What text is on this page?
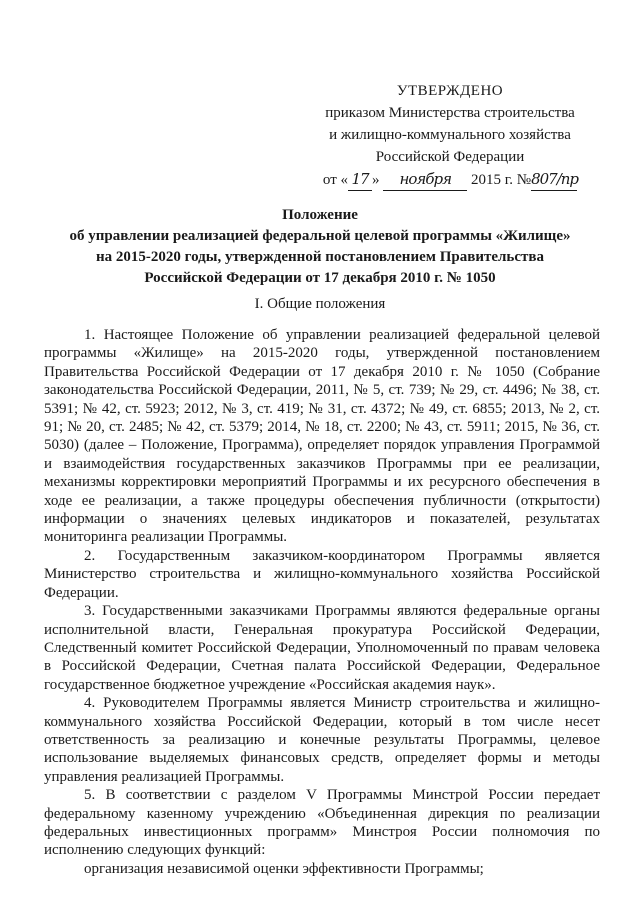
УТВЕРЖДЕНО
приказом Министерства строительства
и жилищно-коммунального хозяйства
Российской Федерации
от « 17 » ноября 2015 г. №807/пр
Положение
об управлении реализацией федеральной целевой программы «Жилище»
на 2015-2020 годы, утвержденной постановлением Правительства
Российской Федерации от 17 декабря 2010 г. № 1050
I. Общие положения

1. Настоящее Положение об управлении реализацией федеральной целевой программы «Жилище» на 2015-2020 годы, утвержденной постановлением Правительства Российской Федерации от 17 декабря 2010 г. № 1050 (Собрание законодательства Российской Федерации, 2011, № 5, ст. 739; № 29, ст. 4496; № 38, ст. 5391; № 42, ст. 5923; 2012, № 3, ст. 419; № 31, ст. 4372; № 49, ст. 6855; 2013, № 2, ст. 91; № 20, ст. 2485; № 42, ст. 5379; 2014, № 18, ст. 2200; № 43, ст. 5911; 2015, № 36, ст. 5030) (далее – Положение, Программа), определяет порядок управления Программой и взаимодействия государственных заказчиков Программы при ее реализации, механизмы корректировки мероприятий Программы и их ресурсного обеспечения в ходе ее реализации, а также процедуры обеспечения публичности (открытости) информации о значениях целевых индикаторов и показателей, результатах мониторинга реализации Программы.

2. Государственным заказчиком-координатором Программы является Министерство строительства и жилищно-коммунального хозяйства Российской Федерации.

3. Государственными заказчиками Программы являются федеральные органы исполнительной власти, Генеральная прокуратура Российской Федерации, Следственный комитет Российской Федерации, Уполномоченный по правам человека в Российской Федерации, Счетная палата Российской Федерации, Федеральное государственное бюджетное учреждение «Российская академия наук».

4. Руководителем Программы является Министр строительства и жилищно-коммунального хозяйства Российской Федерации, который в том числе несет ответственность за реализацию и конечные результаты Программы, целевое использование выделяемых финансовых средств, определяет формы и методы управления реализацией Программы.

5. В соответствии с разделом V Программы Минстрой России передает федеральному казенному учреждению «Объединенная дирекция по реализации федеральных инвестиционных программ» Минстроя России полномочия по исполнению следующих функций:

организация независимой оценки эффективности Программы;
